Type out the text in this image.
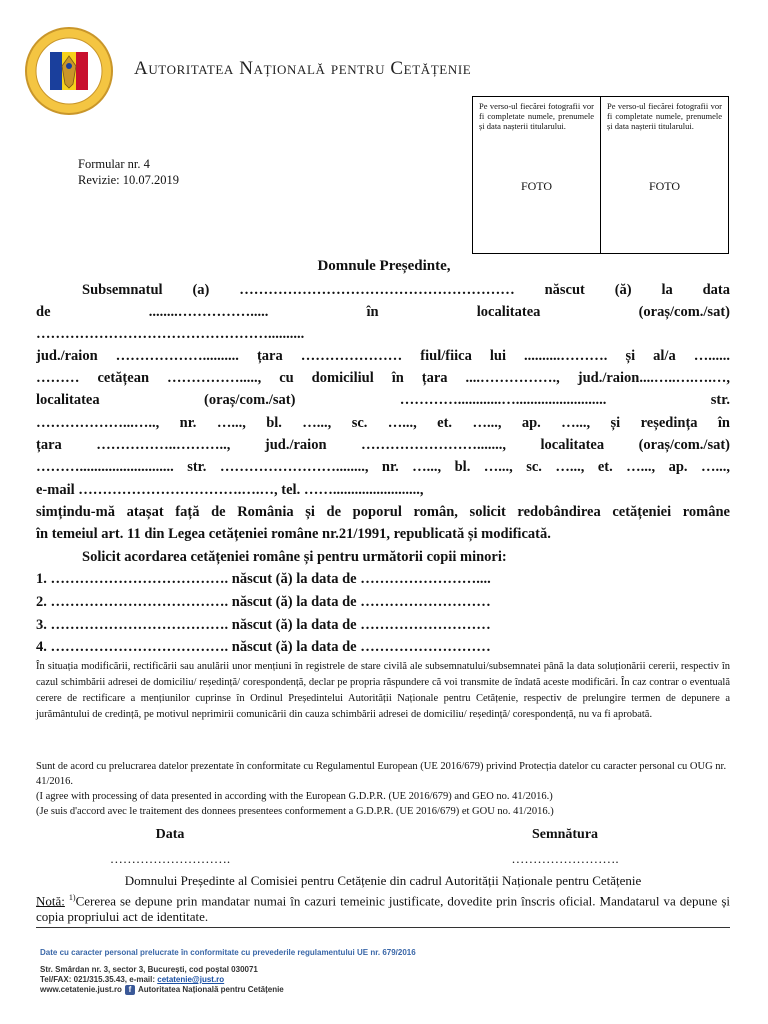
Autoritatea Națională pentru Cetățenie
Formular nr. 4
Revizie: 10.07.2019
Pe verso-ul fiecărei fotografii vor fi completate numele, prenumele și data nașterii titularului.
FOTO
Pe verso-ul fiecărei fotografii vor fi completate numele, prenumele și data nașterii titularului.
FOTO
Domnule Președinte,
Subsemnatul (a) ………………………………………………… născut (ă) la data
de ........……………..... în localitatea (oraș/com./sat)
…………………………………………..........
jud./raion ……………….......... țara ………………… fiul/fiica lui ..........………. și al/a …......
……… cetățean ……………....., cu domiciliul în țara ....……………., jud./raion....…..….….…,
localitatea (oraș/com./sat) …………............…......................... str.
………………...….., nr. …..., bl. …..., sc. …..., et. …..., ap. …..., și reședința în
țara ……………..……….., jud./raion ……………………......., localitatea (oraș/com./sat)
……….......................... str. ……………………........, nr. …..., bl. …..., sc. …..., et. …..., ap. …...,
e-mail …………………………….….…, tel. ……........................,
simțindu-mă atașat față de România și de poporul român, solicit redobândirea cetățeniei române
în temeiul art. 11 din Legea cetățeniei române nr.21/1991, republicată și modificată.
Solicit acordarea cetățeniei române și pentru următorii copii minori:
1. ………………………………. născut (ă) la data de ……………………....
2. ………………………………. născut (ă) la data de ………………………
3. ………………………………. născut (ă) la data de ………………………
4. ………………………………. născut (ă) la data de ………………………
În situația modificării, rectificării sau anulării unor mențiuni în registrele de stare civilă ale subsemnatului/subsemnatei până la data soluționării cererii, respectiv în cazul schimbării adresei de domiciliu/ reședință/ corespondență, declar pe propria răspundere că voi transmite de îndată aceste modificări. În caz contrar o eventuală cerere de rectificare a mențiunilor cuprinse în Ordinul Președintelui Autorității Naționale pentru Cetățenie, respectiv de prelungire termen de depunere a jurământului de credință, pe motivul neprimirii comunicării din cauza schimbării adresei de domiciliu/ reședință/ corespondență, nu va fi aprobată.
Sunt de acord cu prelucrarea datelor prezentate în conformitate cu Regulamentul European (UE 2016/679) privind Protecția datelor cu caracter personal cu OUG nr. 41/2016.
(I agree with processing of data presented in according with the European G.D.P.R. (UE 2016/679) and GEO no. 41/2016.)
(Je suis d'accord avec le traitement des donnees presentees conformement a G.D.P.R. (UE 2016/679) et GOU no. 41/2016.)
Data
……………………….
Semnătura
…………………….
Domnului Președinte al Comisiei pentru Cetățenie din cadrul Autorității Naționale pentru Cetățenie
Notă: $^{1)}$Cererea se depune prin mandatar numai în cazuri temeinic justificate, dovedite prin înscris oficial. Mandatarul va depune și copia propriului act de identitate.
Date cu caracter personal prelucrate în conformitate cu prevederile regulamentului UE nr. 679/2016
Str. Smârdan nr. 3, sector 3, București, cod poștal 030071
Tel/FAX: 021/315.35.43, e-mail: cetatenie@just.ro
www.cetatenie.just.ro f Autoritatea Națională pentru Cetățenie
